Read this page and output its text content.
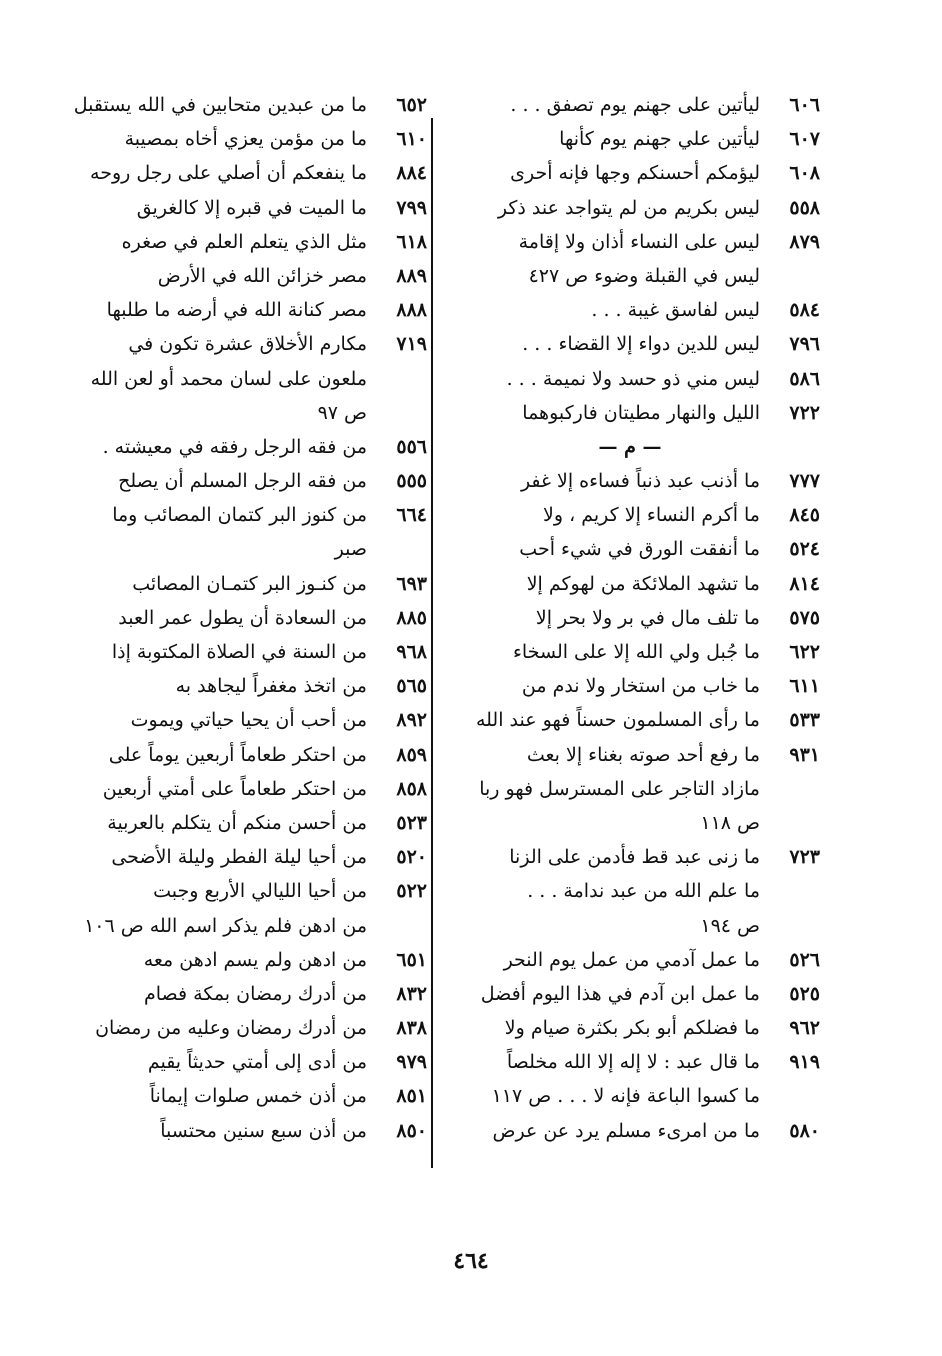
٦٠٦
ليأتين على جهنم يوم تصفق . . .
٦٠٧
ليأتين علي جهنم يوم كأنها
٦٠٨
ليؤمكم أحسنكم وجها فإنه أحرى
٥٥٨
ليس بكريم من لم يتواجد عند ذكر
٨٧٩
ليس على النساء أذان ولا إقامة
ليس في القبلة وضوء ص ٤٢٧
٥٨٤
ليس لفاسق غيبة . . .
٧٩٦
ليس للدين دواء إلا القضاء . . .
٥٨٦
ليس مني ذو حسد ولا نميمة . . .
٧٢٢
الليل والنهار مطيتان فاركبوهما
— م —
٧٧٧
ما أذنب عبد ذنباً فساءه إلا غفر
٨٤٥
ما أكرم النساء إلا كريم ، ولا
٥٢٤
ما أنفقت الورق في شيء أحب
٨١٤
ما تشهد الملائكة من لهوكم إلا
٥٧٥
ما تلف مال في بر ولا بحر إلا
٦٢٢
ما جُبل ولي الله إلا على السخاء
٦١١
ما خاب من استخار ولا ندم من
٥٣٣
ما رأى المسلمون حسناً فهو عند الله
٩٣١
ما رفع أحد صوته بغناء إلا بعث
مازاد التاجر على المسترسل فهو ربا
ص ١١٨
٧٢٣
ما زنى عبد قط فأدمن على الزنا
ما علم الله من عبد ندامة . . .
ص ١٩٤
٥٢٦
ما عمل آدمي من عمل يوم النحر
٥٢٥
ما عمل ابن آدم في هذا اليوم أفضل
٩٦٢
ما فضلكم أبو بكر بكثرة صيام ولا
٩١٩
ما قال عبد : لا إله إلا الله مخلصاً
ما كسوا الباعة فإنه لا . . . ص ١١٧
٥٨٠
ما من امرىء مسلم يرد عن عرض
٦٥٢
ما من عبدين متحابين في الله يستقبل
٦١٠
ما من مؤمن يعزي أخاه بمصيبة
٨٨٤
ما ينفعكم أن أصلي على رجل روحه
٧٩٩
ما الميت في قبره إلا كالغريق
٦١٨
مثل الذي يتعلم العلم في صغره
٨٨٩
مصر خزائن الله في الأرض
٨٨٨
مصر كنانة الله في أرضه ما طلبها
٧١٩
مكارم الأخلاق عشرة تكون في
ملعون على لسان محمد أو لعن الله
ص ٩٧
٥٥٦
من فقه الرجل رفقه في معيشته .
٥٥٥
من فقه الرجل المسلم أن يصلح
٦٦٤
من كنوز البر كتمان المصائب وما
صبر
٦٩٣
من كنـوز البر كتمـان المصائب
٨٨٥
من السعادة أن يطول عمر العبد
٩٦٨
من السنة في الصلاة المكتوبة إذا
٥٦٥
من اتخذ مغفراً ليجاهد به
٨٩٢
من أحب أن يحيا حياتي ويموت
٨٥٩
من احتكر طعاماً أربعين يوماً على
٨٥٨
من احتكر طعاماً على أمتي أربعين
٥٢٣
من أحسن منكم أن يتكلم بالعربية
٥٢٠
من أحيا ليلة الفطر وليلة الأضحى
٥٢٢
من أحيا الليالي الأربع وجبت
من ادهن فلم يذكر اسم الله ص ١٠٦
٦٥١
من ادهن ولم يسم ادهن معه
٨٣٢
من أدرك رمضان بمكة فصام
٨٣٨
من أدرك رمضان وعليه من رمضان
٩٧٩
من أدى إلى أمتي حديثاً يقيم
٨٥١
من أذن خمس صلوات إيماناً
٨٥٠
من أذن سبع سنين محتسباً
٤٦٤
